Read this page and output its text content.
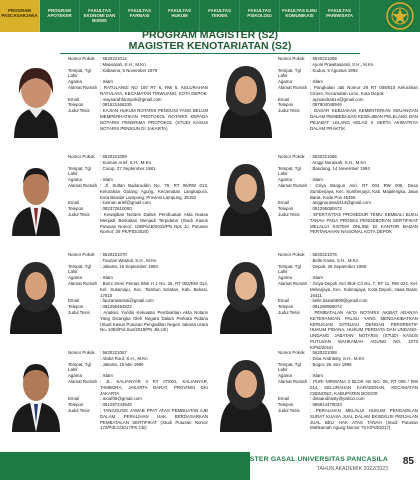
PROGRAM PASCASARJANA
PROGRAM APOTEKER
FAKULTAS EKONOMI DAN BISNIS
FAKULTAS FARMASI
FAKULTAS HUKUM
FAKULTAS TEKNIK
FAKULTAS PSIKOLOGI
FAKULTAS ILMU KOMUNIKASI
FAKULTAS PARIWISATA
PROGRAM MAGISTER (S2)
MAGISTER KENOTARIATAN (S2)
Nomor Pokok	: 5620221014
: Maesarah, S.H., M.Kn
Tempat, Tgl Lahir
: Kabaena, 5 November 1979
Agama	: Islam
Alamat Rumah	: RATULANGI NO 100 RT 6, RW 5, KELURAHAN RATULAYA, KECAMATAN TIRWUANG, KOTA DEPOK
Email	: maysarahfansyah@gmail.com
Telepon	: 081521466235
Judul Tesis	: KAJIAN HUKUM NOTARIS PENGUNI YANG BELUM MEMPERHATIKAN PROTOKOL NOTARIS KEPADA NOTARIS PENERIMA PROTOKOL (STUDI KASUS NOTARIS PENSIUN DI JAKARTA)
Nomor Pokok	: 5620221099
: Ayuni Prawitasarati, S.H., M.Kn
Tempat, Tgl Lahir
: Kudus, 9 Agustus 1993
Agama	: Islam
Alamat Rumah	: Pangkalan Jati Nomor 29 RT 008/010 Kelurahan Cinere, Kecamatan Limo, Kota Depok
Email	: ayniandra614@gmail.com
Telepon	: 087804048946
Judul Tesis	: DASAR KEBIJAKAN KEMENTERIAN KEUANGAN DALAM PEMBEBASAN KEWAJIBAN PELELANG DAN PEJABAT LELANG KELAS II SERTA AKIBATNYA DALAM PRAKTIK
Nomor Pokok	: 5620221059
: Kusnan Arief, S.H., M.Kn
Tempat, Tgl Lahir
: Curup, 27 September 1981
Agama	: Islam
Alamat Rumah	: Jl. Sultan Badaruddin No. 79, RT 06/RW 013, Kelurahan Gulang Agung, Kecamatan Langkapura, Kota Bandar Lampung, Provinsi Lampung, 35152
Email	: kusnan.arief@gmail.com
Telepon	: 082372610000
Judul Tesis	: Kewajiban Notaris Dalam Pembuatan Akta Nuasa Menjadi Berkaitan Menjadi Terpidana (Studi Kasus Putusan Nomor: 108/Pid.B/2015/PN Dps Jo. Putusan Nomor: 29 PK/PID/2020)
Nomor Pokok	: 5620221065
: Anggi Nuraisah, S.H., M.Kn
Tempat, Tgl Lahir
: Bandung, 14 November 1994
Agama	: Islam
Alamat Rumah	: Griya Bangun Asri, RT 004 RW 005, Desa Sumberjaya, Kec. Sumberjaya, Kab. Majalengka, Jawa Barat, Kode Pos 45455
Email	: anggnuraisah414@gmail.com
Telepon	: 081295080472
Judul Tesis	: EFEKTIVITAS PROSEDUR TEMU KEMBALI BUKU TANAH PADA PROSES PENGEBORAN SERTIFIKAT MELALUI SISTEM ONLINE DI KANTOR BADAN PERTANAHAN NASIONAL KOTA DEPOK
Nomor Pokok	: 5620221070
: Fauzan Wastuti, S.H., M.Kn
Tempat, Tgl Lahir
: Jakarta, 15 September 1983
Agama	: Islam
Alamat Rumah	: Bumi Serei Pemas Blok H 1 No. 25, RT 002/RW 014, Kel. Sukamaju, Kec. Tambun Selatan, Kab. Bekasi, 17510
Email	: fauzanwastuti@gmail.com
Telepon	: 081295494822
Judul Tesis	: Analisis Yuridis Kekuatan Pembuktian Akta Notaris Yang Disangka Oleh Negara Dalam Perkara Pidana (Studi Kasus Putusan Pengadilan Negeri Jakarta Utara No. 1093/Pid.Sus/2018/PN Jkt.Utr)
Nomor Pokok	: 5620221075
: Belle Kaisa, S.H., M.Kn
Tempat, Tgl Lahir
: Depok, 26 September 1995
Agama	: Islam
Alamat Rumah	: Griya Depok Asri Blok C3 No. 7, RT 11, RW 024, Kel. Mekarjaya, Kec. Sukmajaya, Kota Depok, Jawa Barat, 16411
Email	: belle.kaisa0509@gmail.com
Telepon	: 081290958072
Judul Tesis	: PEMBATALAN AKTA NOTARIS AKIBAT ADANYA KETERANGAN PALSU YANG MENGAKIBATKAN KERUGIAN DITINJAU DENGAN PERSPEKTIF HUKUM PIDANA, HUKUM PERDATA DAN UNDANG-UNDANG JABATAN NOTARIS (STUDI KASUS PUTUSAN MAHKAMAH AGUNG NO. 1073 K/Pid/2016)
Nomor Pokok	: 5620221067
: Abdul Rouf, S.H., M.Kn
Tempat, Tgl Lahir
: Jakarta, 15 Mei 1980
Agama	: Islam
Alamat Rumah	: JL. KALIANYAR II RT 07/001, KALIANYAR, TAMBORA, JAKARTA BARAT, PROVINSI DKI JAKARTA
Email	: arouf05@gmail.com
Telepon	: 081297243946
Judul Tesis	: TANGGUNG JAWAB PPAT ATAS PEMBUATAN AJB DALAM PERALIHAN HAK BERDASARKAN PEMBATALAN SERTIFIKAT (Studi Putusan Nomor 172/Pdt.G/2017/Pn.Cbi)
Nomor Pokok	: 5620221088
: Dina Andriasty, S.H., M.Kn
Tempat, Tgl Lahir
: Bogor, 26 Juni 1996
Agama	: Islam
Alamat Rumah	: PURI NIRWANA 3 BLOK AE NO. 05, RT 006 / RW 014, KELURAHAN KARADENAN, KECAMATAN CIBINONG, KABUPATEN BOGOR
Email	: dinaandriasty@yahoo.com
Telepon	: 085814478033
Judul Tesis	: PERALIHAN MELALUI HUKUM PENGADILAN SURAT KUASA JUAL DALAM EKSEKUSI PERJALAN JUAL BELI HAK ATAS TANAH (Studi Putusan Mahkamah Agung Nomor 75 K/Pdt/2017)
WISUDA SEMESTER GASAL UNIVERSITAS PANCASILA
TAHUN AKADEMIK 2022/2023
85
